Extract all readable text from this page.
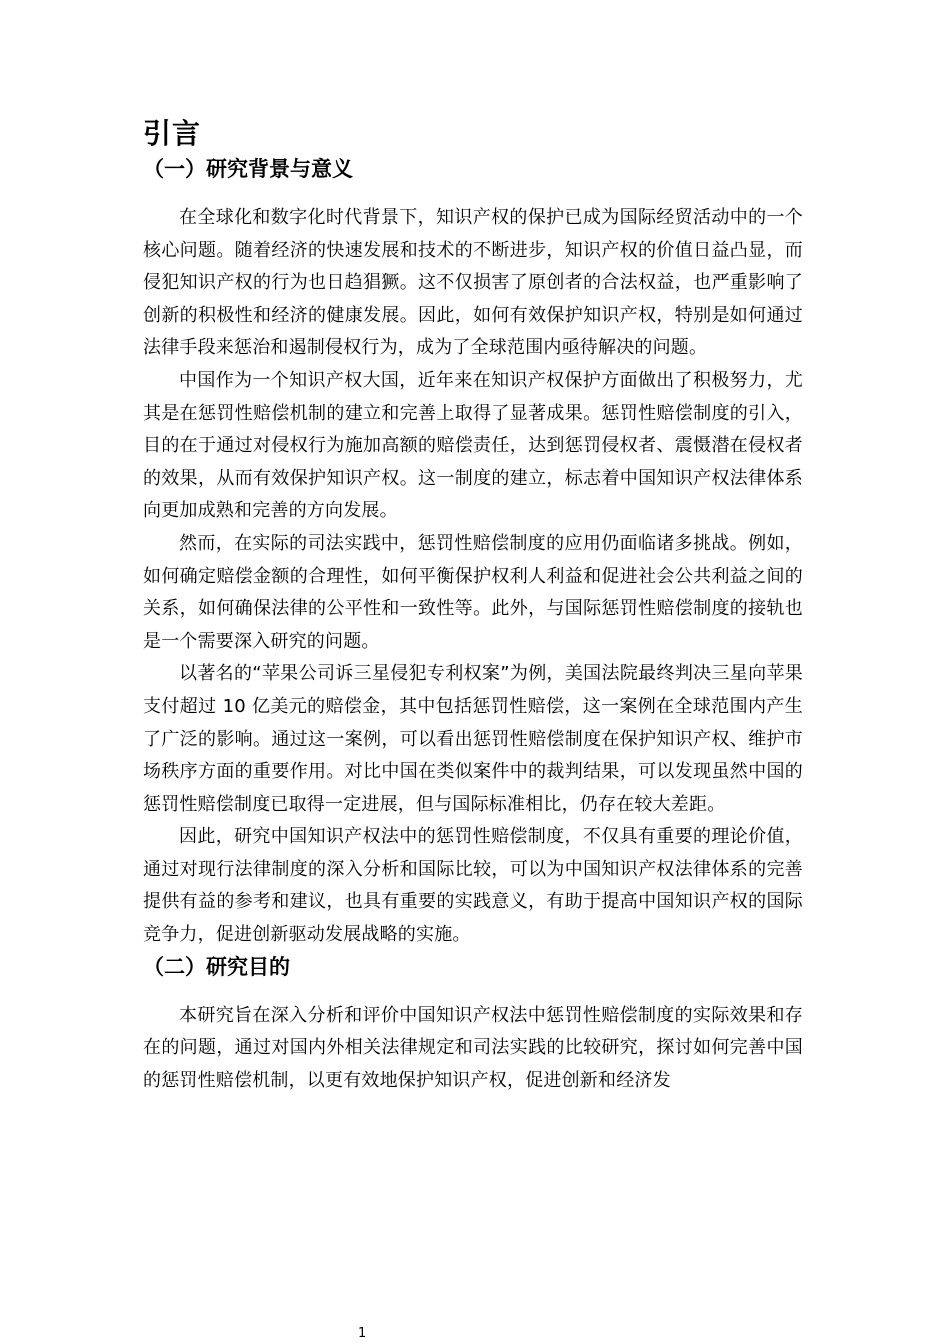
引言
（一）研究背景与意义

在全球化和数字化时代背景下，知识产权的保护已成为国际经贸活动中的一个核心问题。随着经济的快速发展和技术的不断进步，知识产权的价值日益凸显，而侵犯知识产权的行为也日趋猖獗。这不仅损害了原创者的合法权益，也严重影响了创新的积极性和经济的健康发展。因此，如何有效保护知识产权，特别是如何通过法律手段来惩治和遏制侵权行为，成为了全球范围内亟待解决的问题。

中国作为一个知识产权大国，近年来在知识产权保护方面做出了积极努力，尤其是在惩罚性赔偿机制的建立和完善上取得了显著成果。惩罚性赔偿制度的引入，目的在于通过对侵权行为施加高额的赔偿责任，达到惩罚侵权者、震慑潜在侵权者的效果，从而有效保护知识产权。这一制度的建立，标志着中国知识产权法律体系向更加成熟和完善的方向发展。

然而，在实际的司法实践中，惩罚性赔偿制度的应用仍面临诸多挑战。例如，如何确定赔偿金额的合理性，如何平衡保护权利人利益和促进社会公共利益之间的关系，如何确保法律的公平性和一致性等。此外，与国际惩罚性赔偿制度的接轨也是一个需要深入研究的问题。

以著名的“苹果公司诉三星侵犯专利权案”为例，美国法院最终判决三星向苹果支付超过 10 亿美元的赔偿金，其中包括惩罚性赔偿，这一案例在全球范围内产生了广泛的影响。通过这一案例，可以看出惩罚性赔偿制度在保护知识产权、维护市场秩序方面的重要作用。对比中国在类似案件中的裁判结果，可以发现虽然中国的惩罚性赔偿制度已取得一定进展，但与国际标准相比，仍存在较大差距。

因此，研究中国知识产权法中的惩罚性赔偿制度，不仅具有重要的理论价值，通过对现行法律制度的深入分析和国际比较，可以为中国知识产权法律体系的完善提供有益的参考和建议，也具有重要的实践意义，有助于提高中国知识产权的国际竞争力，促进创新驱动发展战略的实施。

（二）研究目的

本研究旨在深入分析和评价中国知识产权法中惩罚性赔偿制度的实际效果和存在的问题，通过对国内外相关法律规定和司法实践的比较研究，探讨如何完善中国的惩罚性赔偿机制，以更有效地保护知识产权，促进创新和经济发

1
